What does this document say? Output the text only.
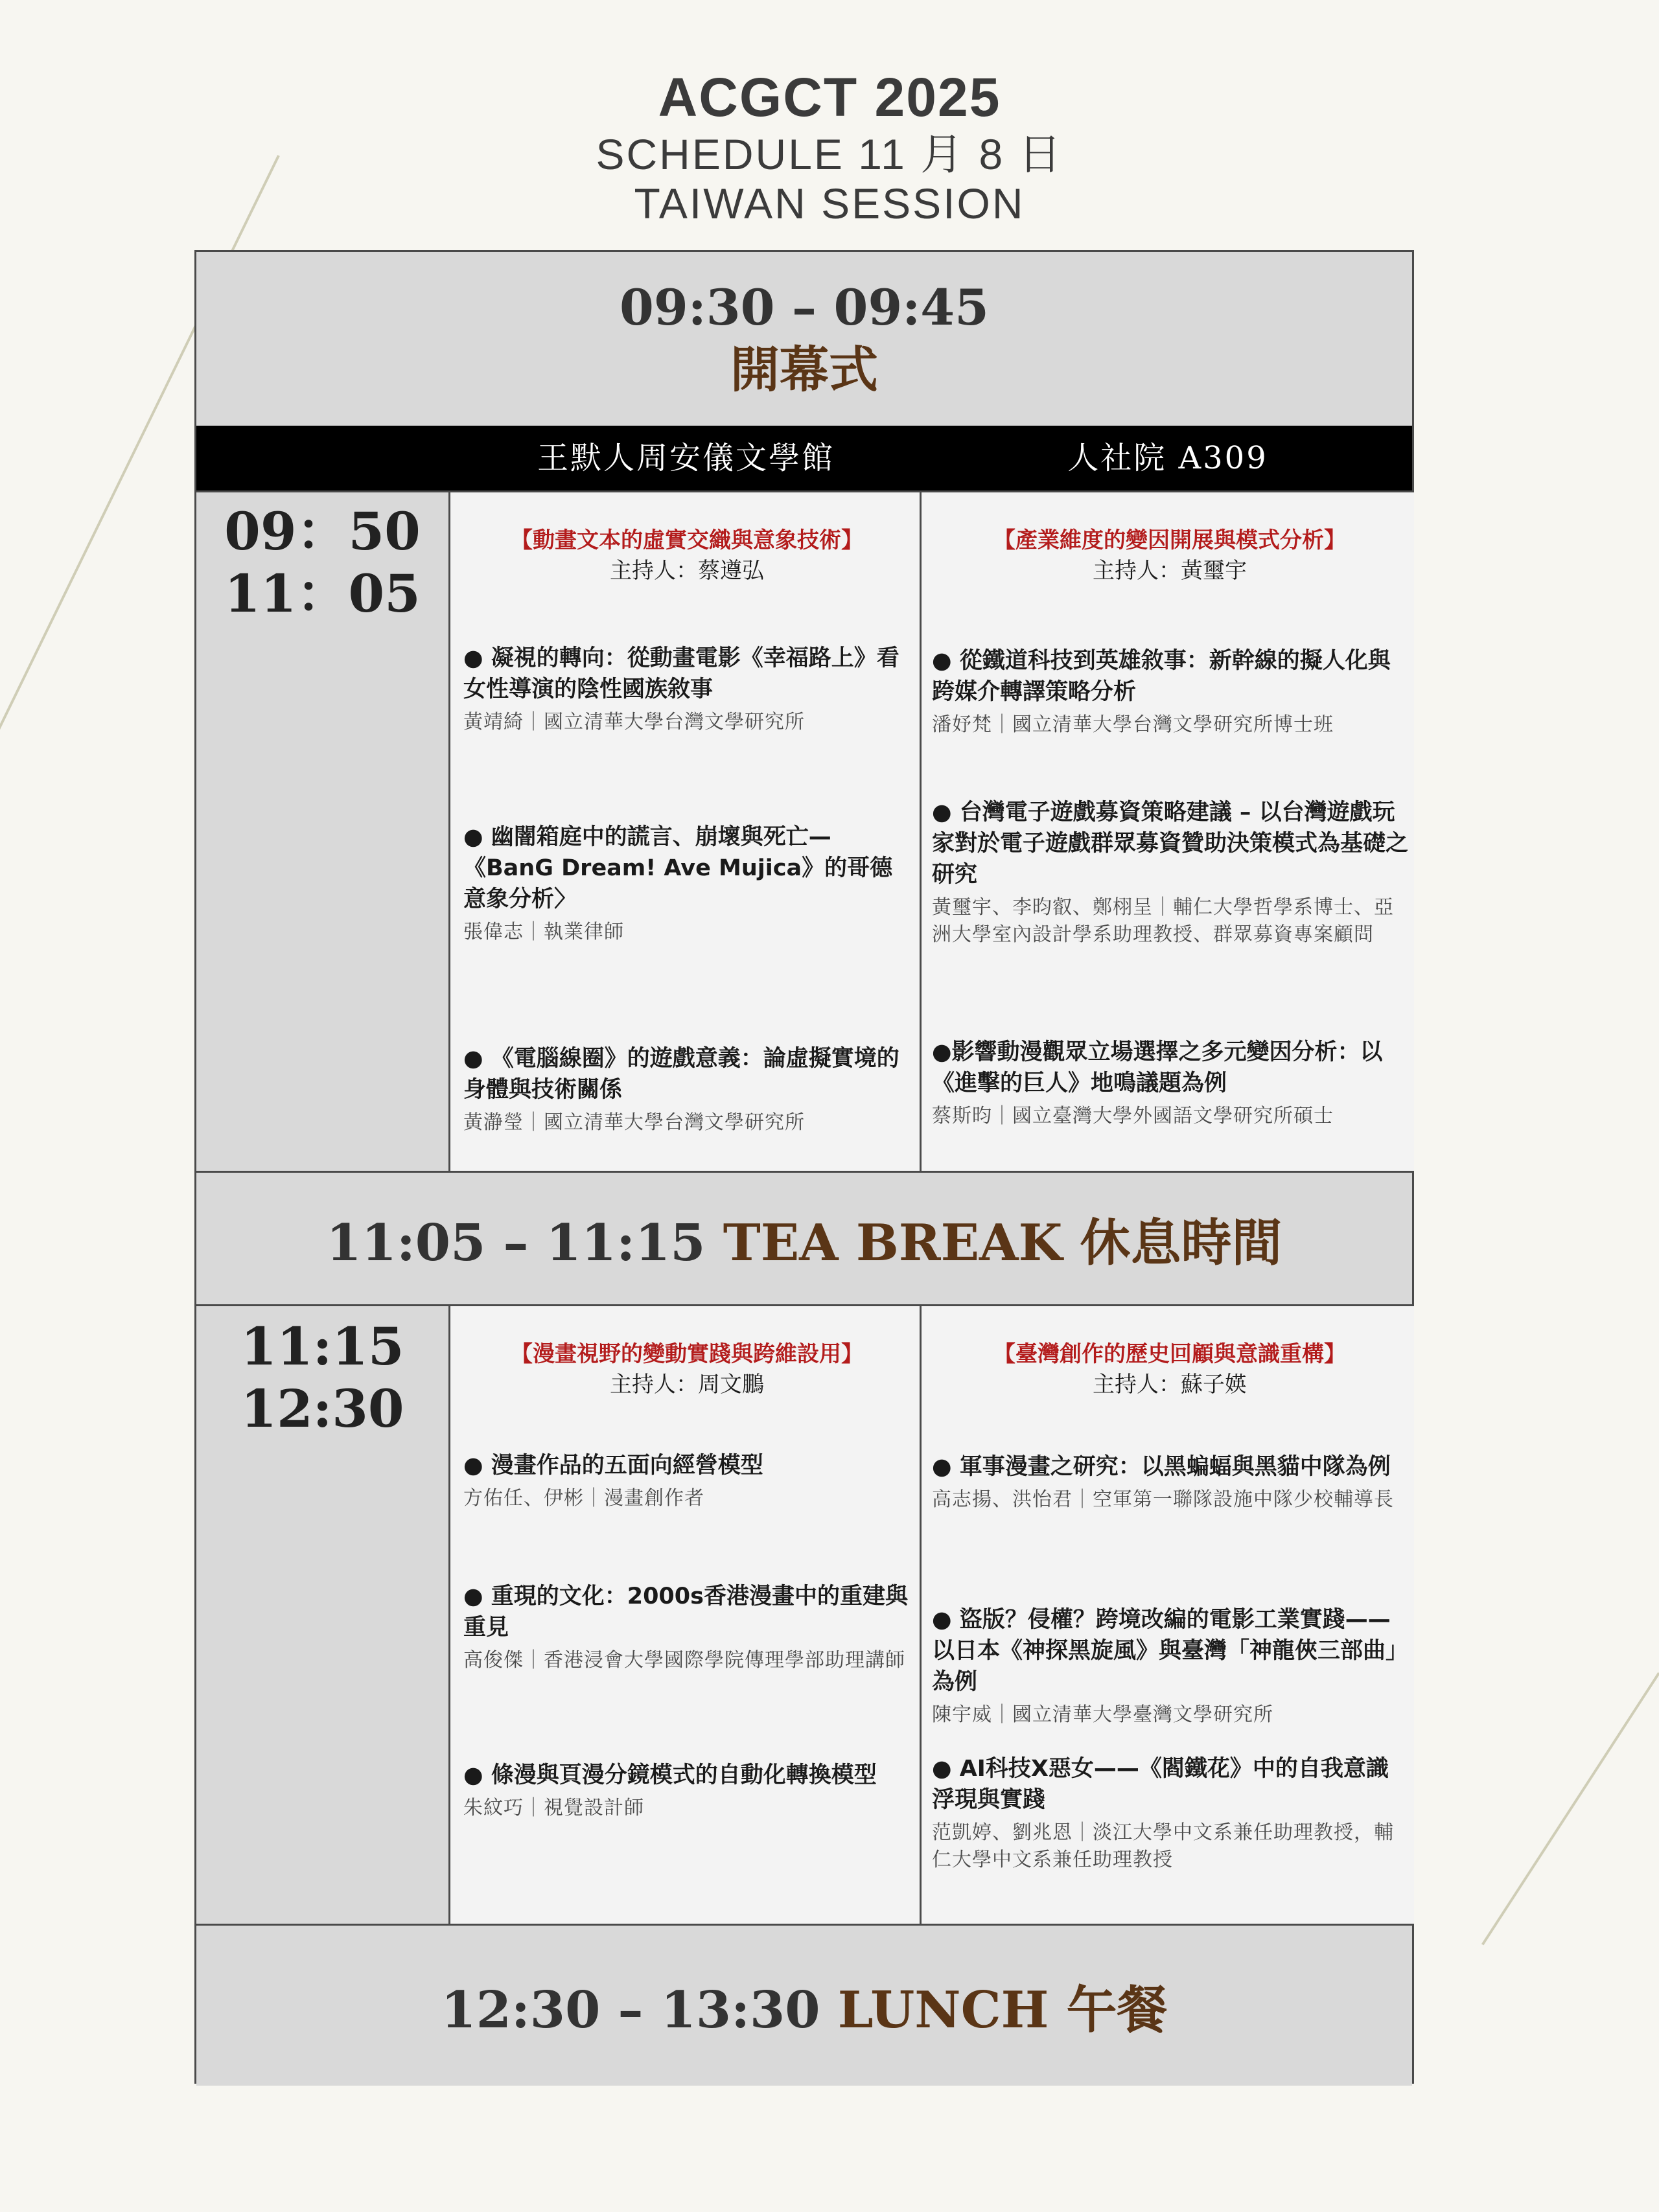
ACGCT 2025
SCHEDULE 11 月 8 日
TAIWAN SESSION
09:30 – 09:45
開幕式
王默人周安儀文學館	人社院 A309
09：50
11：05
【動畫文本的虛實交織與意象技術】
主持人：蔡遵弘
● 凝視的轉向：從動畫電影《幸福路上》看女性導演的陰性國族敘事
黃靖綺｜國立清華大學台灣文學研究所
● 《電腦線圈》的遊戲意義：論虛擬實境的身體與技術關係
黃瀞瑩｜國立清華大學台灣文學研究所
● 幽闇箱庭中的謊言、崩壞與死亡—《BanG Dream! Ave Mujica》的哥德意象分析〉
張偉志｜執業律師
【產業維度的變因開展與模式分析】
主持人：黃璽宇
● 從鐵道科技到英雄敘事：新幹線的擬人化與跨媒介轉譯策略分析
潘妤梵｜國立清華大學台灣文學研究所博士班
● 台灣電子遊戲募資策略建議 – 以台灣遊戲玩家對於電子遊戲群眾募資贊助決策模式為基礎之研究
黃璽宇、李昀叡、鄭栩呈｜輔仁大學哲學系博士、亞洲大學室內設計學系助理教授、群眾募資專案顧問
●影響動漫觀眾立場選擇之多元變因分析：以《進擊的巨人》地鳴議題為例
蔡斯昀｜國立臺灣大學外國語文學研究所碩士
11:05 – 11:15 TEA BREAK 休息時間
11:15
12:30
【漫畫視野的變動實踐與跨維設用】
主持人：周文鵬
● 漫畫作品的五面向經營模型
方佑任、伊彬｜漫畫創作者
● 重現的文化：2000s香港漫畫中的重建與重見
高俊傑｜香港浸會大學國際學院傳理學部助理講師
● 條漫與頁漫分鏡模式的自動化轉換模型
朱紋巧｜視覺設計師
【臺灣創作的歷史回顧與意識重構】
主持人：蘇子媖
● 軍事漫畫之研究：以黑蝙蝠與黑貓中隊為例
高志揚、洪怡君｜空軍第一聯隊設施中隊少校輔導長
● 盜版？侵權？跨境改編的電影工業實踐——以日本《神探黑旋風》與臺灣「神龍俠三部曲」為例
陳宇威｜國立清華大學臺灣文學研究所
● AI科技X惡女——《閻鐵花》中的自我意識浮現與實踐
范凱婷、劉兆恩｜淡江大學中文系兼任助理教授，輔仁大學中文系兼任助理教授
12:30 – 13:30 LUNCH 午餐
